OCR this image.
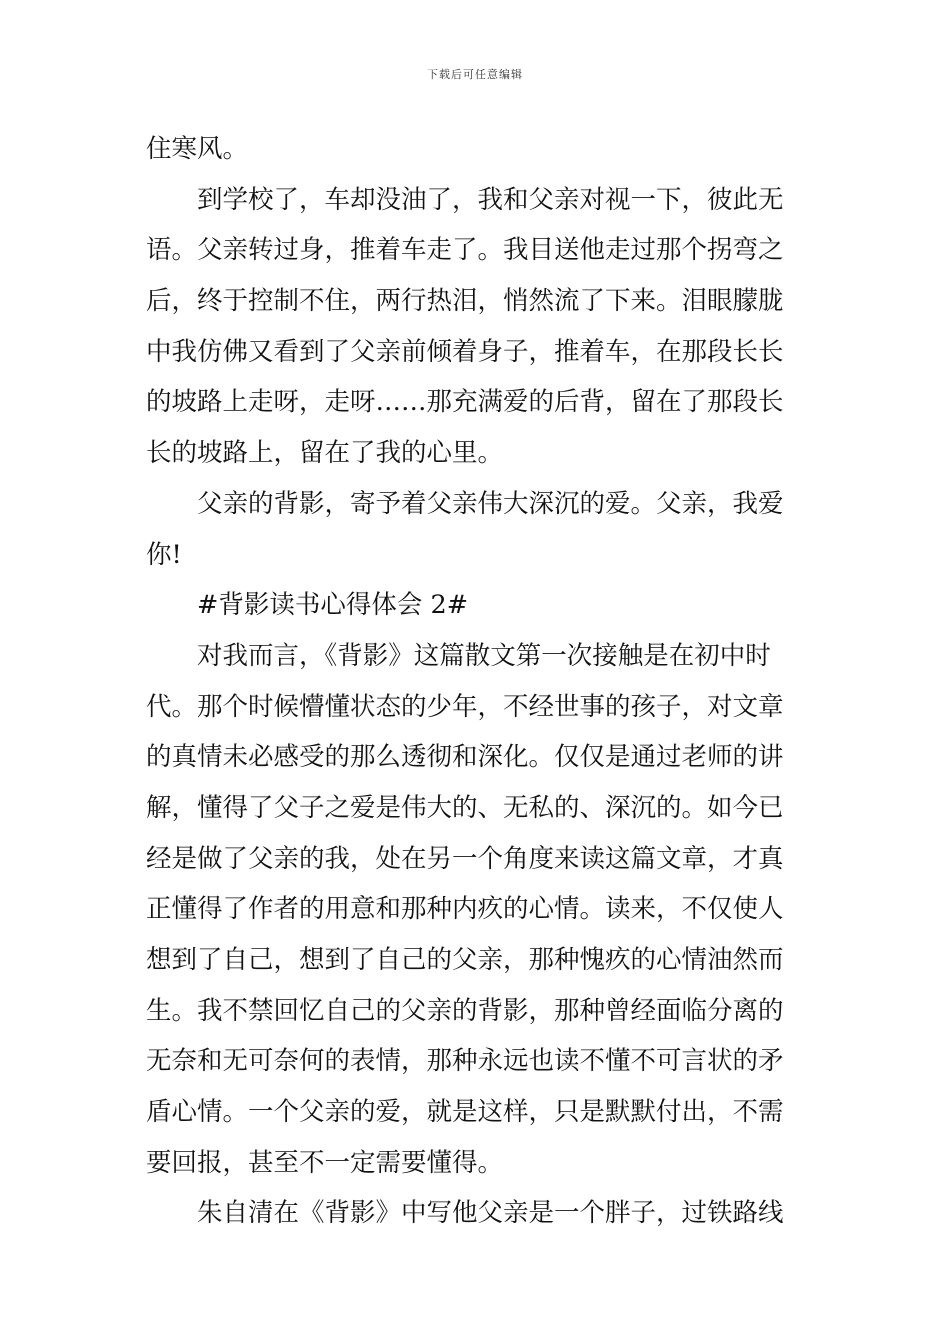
下载后可任意编辑
住寒风。
到学校了，车却没油了，我和父亲对视一下，彼此无
语。父亲转过身，推着车走了。我目送他走过那个拐弯之
后，终于控制不住，两行热泪，悄然流了下来。泪眼朦胧
中我仿佛又看到了父亲前倾着身子，推着车，在那段长长
的坡路上走呀，走呀……那充满爱的后背，留在了那段长
长的坡路上，留在了我的心里。
父亲的背影，寄予着父亲伟大深沉的爱。父亲，我爱
你!
#背影读书心得体会 2#
对我而言，《背影》这篇散文第一次接触是在初中时
代。那个时候懵懂状态的少年，不经世事的孩子，对文章
的真情未必感受的那么透彻和深化。仅仅是通过老师的讲
解，懂得了父子之爱是伟大的、无私的、深沉的。如今已
经是做了父亲的我，处在另一个角度来读这篇文章，才真
正懂得了作者的用意和那种内疚的心情。读来，不仅使人
想到了自己，想到了自己的父亲，那种愧疚的心情油然而
生。我不禁回忆自己的父亲的背影，那种曾经面临分离的
无奈和无可奈何的表情，那种永远也读不懂不可言状的矛
盾心情。一个父亲的爱，就是这样，只是默默付出，不需
要回报，甚至不一定需要懂得。
朱自清在《背影》中写他父亲是一个胖子，过铁路线
